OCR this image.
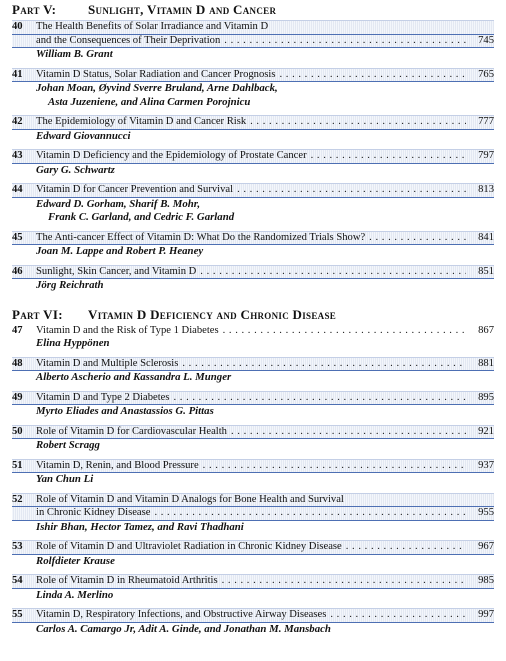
Part V: Sunlight, Vitamin D and Cancer
40	The Health Benefits of Solar Irradiance and Vitamin D
and the Consequences of Their Deprivation . . .	745
William B. Grant
41	Vitamin D Status, Solar Radiation and Cancer Prognosis . . .	765
Johan Moan, Øyvind Sverre Bruland, Arne Dahlback,
Asta Juzeniene, and Alina Carmen Porojnicu
42	The Epidemiology of Vitamin D and Cancer Risk . . .	777
Edward Giovannucci
43	Vitamin D Deficiency and the Epidemiology of Prostate Cancer . . .	797
Gary G. Schwartz
44	Vitamin D for Cancer Prevention and Survival . . .	813
Edward D. Gorham, Sharif B. Mohr,
Frank C. Garland, and Cedric F. Garland
45	The Anti-cancer Effect of Vitamin D: What Do the Randomized Trials Show? . . .	841
Joan M. Lappe and Robert P. Heaney
46	Sunlight, Skin Cancer, and Vitamin D . . .	851
Jörg Reichrath
Part VI: Vitamin D Deficiency and Chronic Disease
47	Vitamin D and the Risk of Type 1 Diabetes . . .	867
Elina Hyppönen
48	Vitamin D and Multiple Sclerosis . . .	881
Alberto Ascherio and Kassandra L. Munger
49	Vitamin D and Type 2 Diabetes . . .	895
Myrto Eliades and Anastassios G. Pittas
50	Role of Vitamin D for Cardiovascular Health . . .	921
Robert Scragg
51	Vitamin D, Renin, and Blood Pressure . . .	937
Yan Chun Li
52	Role of Vitamin D and Vitamin D Analogs for Bone Health and Survival
in Chronic Kidney Disease . . .	955
Ishir Bhan, Hector Tamez, and Ravi Thadhani
53	Role of Vitamin D and Ultraviolet Radiation in Chronic Kidney Disease . . .	967
Rolfdieter Krause
54	Role of Vitamin D in Rheumatoid Arthritis . . .	985
Linda A. Merlino
55	Vitamin D, Respiratory Infections, and Obstructive Airway Diseases . . .	997
Carlos A. Camargo Jr, Adit A. Ginde, and Jonathan M. Mansbach
